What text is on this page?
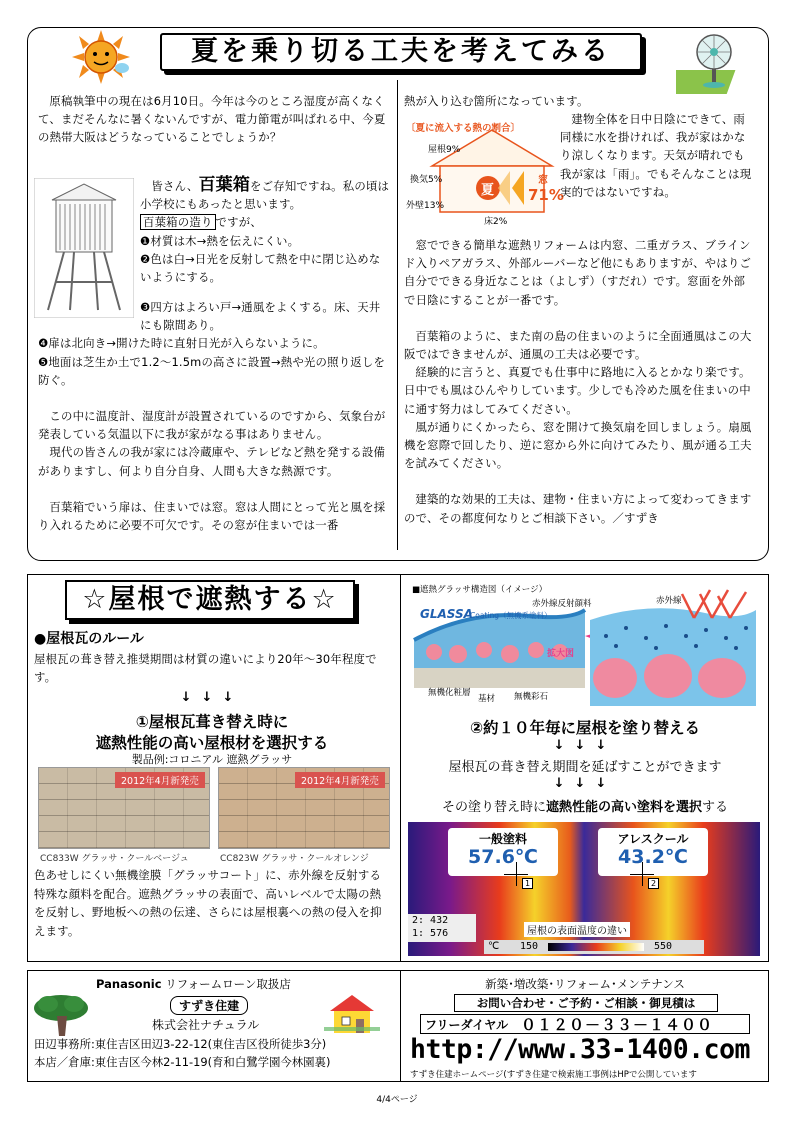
夏を乗り切る工夫を考えてみる

原稿執筆中の現在は6月10日。今年は今のところ湿度が高くなくて、まだそんなに暑くないんですが、電力節電が叫ばれる中、今夏の熱帯大阪はどうなっていることでしょうか？

皆さん、百葉箱をご存知ですね。私の頃は小学校にもあったと思います。

百葉箱の造り ですが、

❶材質は木→熱を伝えにくい。

❷色は白→日光を反射して熱を中に閉じ込めないようにする。

❸四方はよろい戸→通風をよくする。床、天井にも隙間あり。

❹扉は北向き→開けた時に直射日光が入らないように。

❺地面は芝生か土で1.2～1.5mの高さに設置→熱や光の照り返しを防ぐ。

この中に温度計、湿度計が設置されているのですから、気象台が発表している気温以下に我が家がなる事はありません。

現代の皆さんの我が家には冷蔵庫や、テレビなど熱を発する設備がありますし、何より自分自身、人間も大きな熱源です。

百葉箱でいう扉は、住まいでは窓。窓は人間にとって光と風を採り入れるために必要不可欠です。その窓が住まいでは一番

熱が入り込む箇所になっています。
〔夏に流入する熱の割合〕
屋根9%
換気5%
外壁13%
床2%
夏
窓
71%

建物全体を日中日陰にできて、雨同様に水を掛ければ、我が家はかなり涼しくなります。天気が晴れでも我が家は「雨」。でもそんなことは現実的ではないですね。

窓でできる簡単な遮熱リフォームは内窓、二重ガラス、ブラインド入りペアガラス、外部ルーバーなど他にもありますが、やはりご自分でできる身近なことは（よしず）（すだれ）です。窓面を外部で日陰にすることが一番です。

百葉箱のように、また南の島の住まいのように全面通風はこの大阪ではできませんが、通風の工夫は必要です。

経験的に言うと、真夏でも仕事中に路地に入るとかなり楽です。日中でも風はひんやりしています。少しでも冷めた風を住まいの中に通す努力はしてみてください。

風が通りにくかったら、窓を開けて換気扇を回しましょう。扇風機を窓際で回したり、逆に窓から外に向けてみたり、風が通る工夫を試みてください。

建築的な効果的工夫は、建物・住まい方によって変わってきますので、その都度何なりとご相談下さい。／すずき

☆屋根で遮熱する☆
●屋根瓦のルール
屋根瓦の葺き替え推奨期間は材質の違いにより20年～30年程度です。
↓↓↓
①屋根瓦葺き替え時に
遮熱性能の高い屋根材を選択する
製品例:コロニアル 遮熱グラッサ
2012年4月新発売	2012年4月新発売
CC833W グラッサ・クールベージュ	CC823W グラッサ・クールオレンジ
色あせしにくい無機塗膜「グラッサコート」に、赤外線を反射する特殊な顔料を配合。遮熱グラッサの表面で、高いレベルで太陽の熱を反射し、野地板への熱の伝達、さらには屋根裏への熱の侵入を抑えます。
■遮熱グラッサ構造図（イメージ）
GLASSA
Coating（無機系塗料）
赤外線反射顔料	赤外線
拡大図
無機化粧層
基材 無機彩石
②約１０年毎に屋根を塗り替える
↓↓↓
屋根瓦の葺き替え期間を延ばすことができます
↓↓↓
その塗り替え時に遮熱性能の高い塗料を選択する
一般塗料
57.6℃
アレスクール
43.2℃
1	2
2: 432
1: 576	屋根の表面温度の違い
℃ 150	550
Panasonic リフォームローン取扱店
すずき住建
株式会社ナチュラル
田辺事務所:東住吉区田辺3-22-12(東住吉区役所徒歩3分)
本店／倉庫:東住吉区今林2-11-19(育和白鷺学園今林園裏)
新築･増改築･リフォーム･メンテナンス
お問い合わせ・ご予約・ご相談・御見積は
フリーダイヤル ０１２０－３３－１４００
http://www.33-1400.com
すずき住建ホームページ(すずき住建で検索施工事例はHPで公開しています
4/4ページ
